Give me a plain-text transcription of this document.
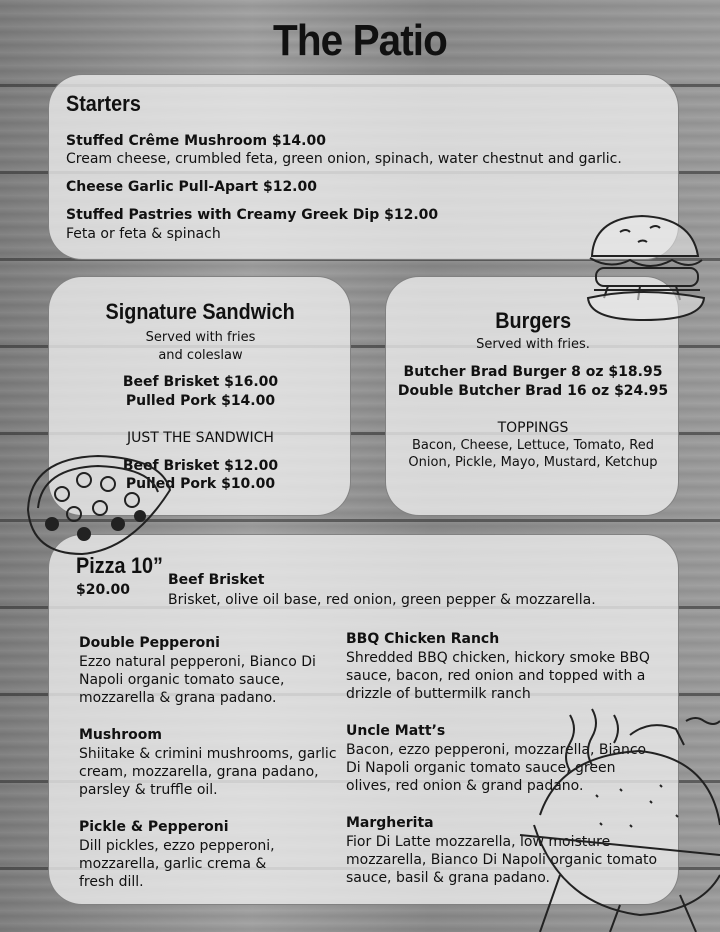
The Patio
Starters
Stuffed Crême Mushroom $14.00
Cream cheese, crumbled feta, green onion, spinach, water chestnut and garlic.
Cheese Garlic Pull-Apart $12.00
Stuffed Pastries with Creamy Greek Dip $12.00
Feta or feta & spinach
Signature Sandwich
Served with fries
and coleslaw
Beef Brisket $16.00
Pulled Pork $14.00
JUST THE SANDWICH
Beef Brisket $12.00
Pulled Pork $10.00
Burgers
Served with fries.
Butcher Brad Burger 8 oz $18.95
Double Butcher Brad 16 oz $24.95
TOPPINGS
Bacon, Cheese, Lettuce, Tomato, Red
Onion, Pickle, Mayo, Mustard, Ketchup
Pizza 10”
$20.00
Beef Brisket
Brisket, olive oil base, red onion, green pepper & mozzarella.
Double Pepperoni
Ezzo natural pepperoni, Bianco Di
Napoli organic tomato sauce,
mozzarella & grana padano.
Mushroom
Shiitake & crimini mushrooms, garlic
cream, mozzarella, grana padano,
parsley & truffle oil.
Pickle & Pepperoni
Dill pickles, ezzo pepperoni,
mozzarella, garlic crema &
fresh dill.
BBQ Chicken Ranch
Shredded BBQ chicken, hickory smoke BBQ
sauce, bacon, red onion and topped with a
drizzle of buttermilk ranch
Uncle Matt’s
Bacon, ezzo pepperoni, mozzarella, Bianco
Di Napoli organic tomato sauce, green
olives, red onion & grand padano.
Margherita
Fior Di Latte mozzarella, low moisture
mozzarella, Bianco Di Napoli organic tomato
sauce, basil & grana padano.
